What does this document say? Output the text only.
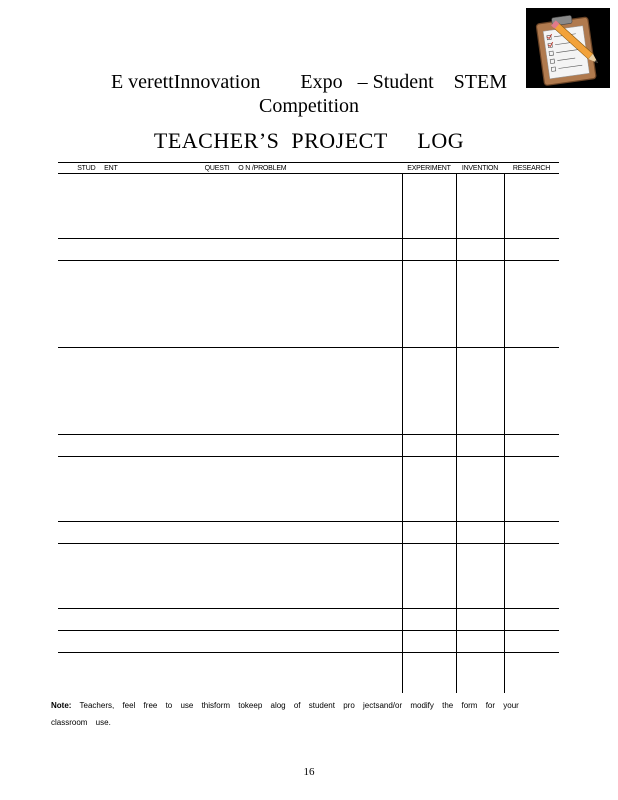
E verettInnovation        Expo   – Student    STEM
Competition
TEACHER’S  PROJECT     LOG
STUD     ENT                                                  QUESTI     O N /PROBLEM	EXPERIMENT	INVENTION	RESEARCH

Note: Teachers, feel free to use thisform tokeep alog of student pro jectsand/or modify the form for your classroom use.
16
